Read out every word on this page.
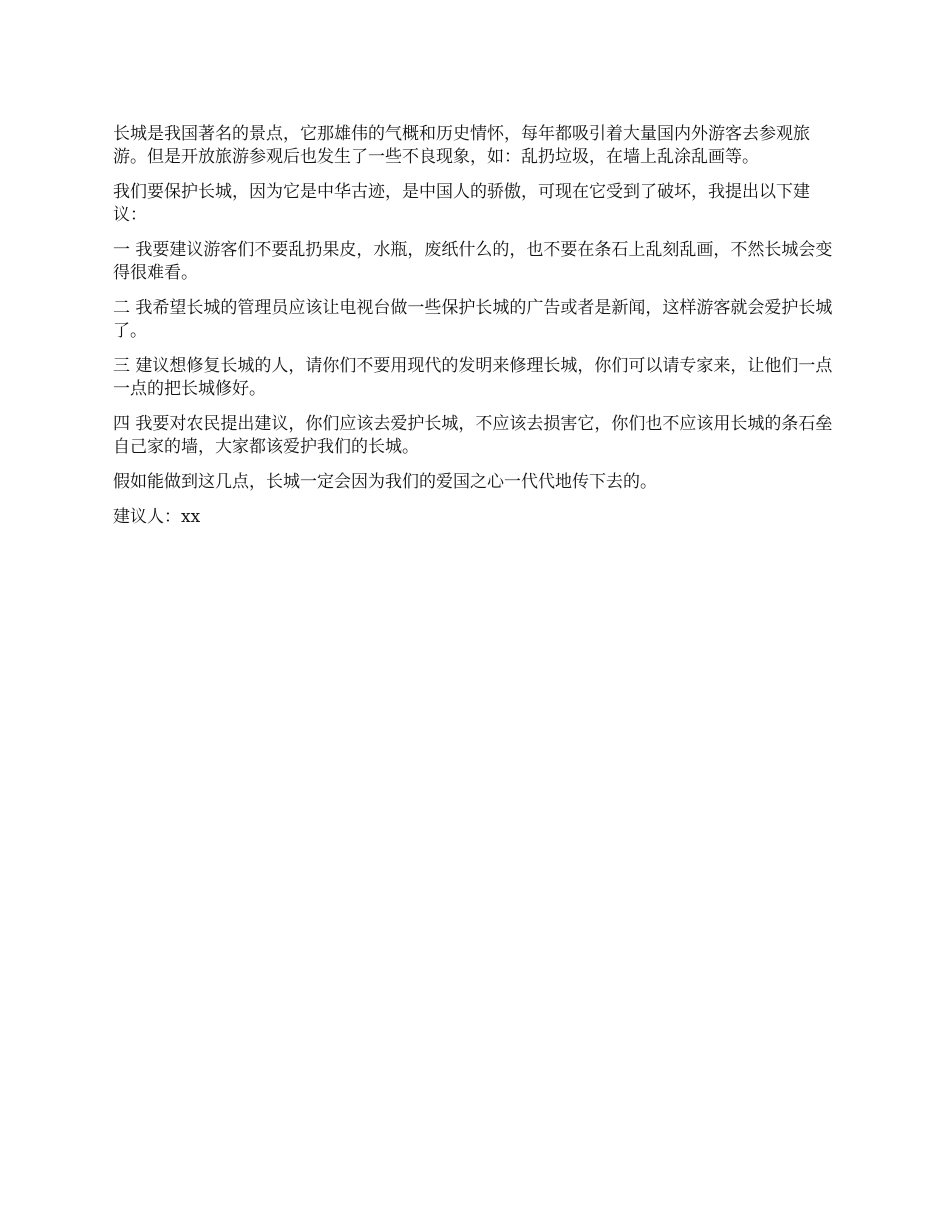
长城是我国著名的景点，它那雄伟的气概和历史情怀，每年都吸引着大量国内外游客去参观旅游。但是开放旅游参观后也发生了一些不良现象，如：乱扔垃圾，在墙上乱涂乱画等。

我们要保护长城，因为它是中华古迹，是中国人的骄傲，可现在它受到了破坏，我提出以下建议：

一 我要建议游客们不要乱扔果皮，水瓶，废纸什么的，也不要在条石上乱刻乱画，不然长城会变得很难看。

二 我希望长城的管理员应该让电视台做一些保护长城的广告或者是新闻，这样游客就会爱护长城了。

三 建议想修复长城的人，请你们不要用现代的发明来修理长城，你们可以请专家来，让他们一点一点的把长城修好。

四 我要对农民提出建议，你们应该去爱护长城，不应该去损害它，你们也不应该用长城的条石垒自己家的墙，大家都该爱护我们的长城。

假如能做到这几点，长城一定会因为我们的爱国之心一代代地传下去的。

建议人：xx
